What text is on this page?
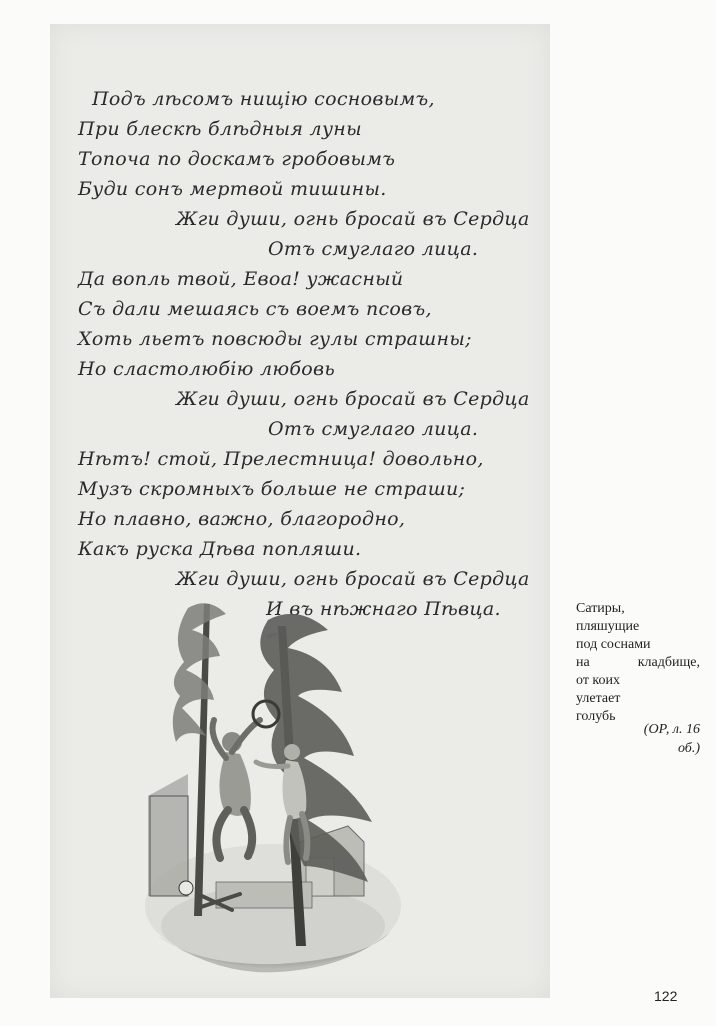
Подъ лѣсомъ нищiю сосновымъ,
При блескѣ блѣдныя луны
Топоча по доскамъ гробовымъ
Буди сонъ мертвой тишины.
Жги души, огнь бросай въ Сердца
Отъ смуглаго лица.
Да вопль твой, Евоа! ужасный
Съ дали мешаясь съ воемъ псовъ,
Хоть льетъ повсюды гулы страшны;
Но сластолюбiю любовь
Жги души, огнь бросай въ Сердца
Отъ смуглаго лица.
Нѣтъ! стой, Прелестница! довольно,
Музъ скромныхъ больше не страши;
Но плавно, важно, благородно,
Какъ руска Дѣва попляши.
Жги души, огнь бросай въ Сердца
И въ нѣжнаго Пѣвца.	Сатиры,
пляшущие
под соснами
на кладбище,
от коих
улетает
голубь
(ОР, л. 16
об.)
122
